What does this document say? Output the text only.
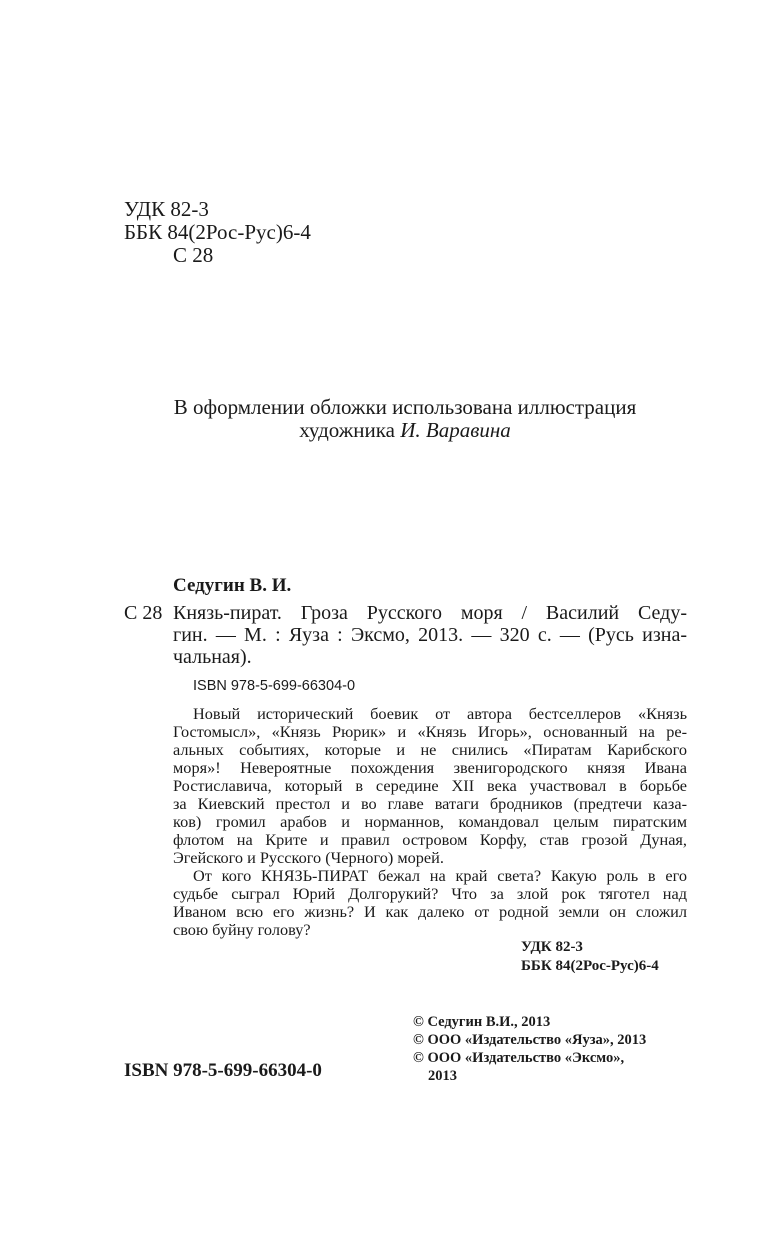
УДК 82-3
ББК 84(2Рос-Рус)6-4
С 28
В оформлении обложки использована иллюстрация
художника И. Варавина
Седугин В. И.
С 28 Князь-пират. Гроза Русского моря / Василий Седу-
гин. — М. : Яуза : Эксмо, 2013. — 320 с. — (Русь изна-
чальная).
ISBN 978-5-699-66304-0
Новый исторический боевик от автора бестселлеров «Князь
Гостомысл», «Князь Рюрик» и «Князь Игорь», основанный на ре-
альных событиях, которые и не снились «Пиратам Карибского
моря»! Невероятные похождения звенигородского князя Ивана
Ростиславича, который в середине XII века участвовал в борьбе
за Киевский престол и во главе ватаги бродников (предтечи каза-
ков) громил арабов и норманнов, командовал целым пиратским
флотом на Крите и правил островом Корфу, став грозой Дуная,
Эгейского и Русского (Черного) морей.
От кого КНЯЗЬ-ПИРАТ бежал на край света? Какую роль в его
судьбе сыграл Юрий Долгорукий? Что за злой рок тяготел над
Иваном всю его жизнь? И как далеко от родной земли он сложил
свою буйну голову?
УДК 82-3
ББК 84(2Рос-Рус)6-4
© Седугин В.И., 2013
© ООО «Издательство «Яуза», 2013
© ООО «Издательство «Эксмо»,
2013
ISBN 978-5-699-66304-0
